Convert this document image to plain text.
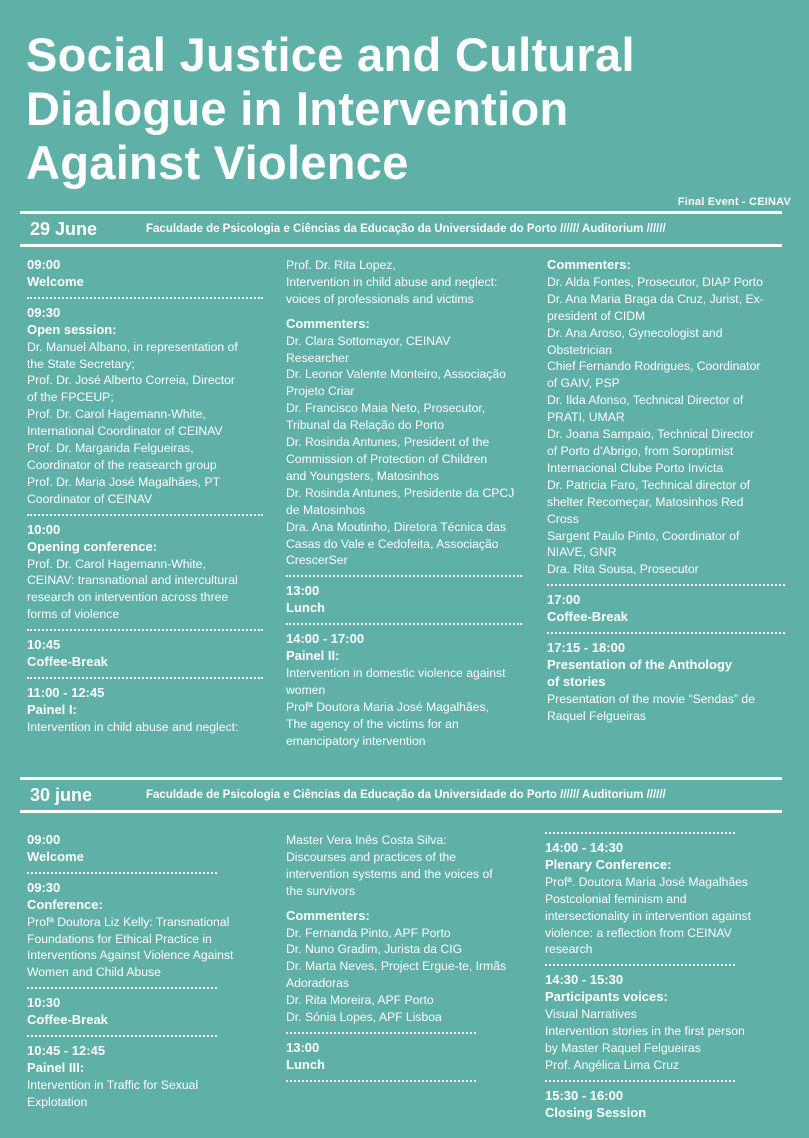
Social Justice and Cultural
Dialogue in Intervention
Against Violence
Final Event - CEINAV
29 June	Faculdade de Psicologia e Ciências da Educação da Universidade do Porto ////// Auditorium //////
09:00
Welcome
09:30
Open session:
Dr. Manuel Albano, in representation of
the State Secretary;
Prof. Dr. José Alberto Correia, Director
of the FPCEUP;
Prof. Dr. Carol Hagemann-White,
International Coordinator of CEINAV
Prof. Dr. Margarida Felgueiras,
Coordinator of the reasearch group
Prof. Dr. Maria José Magalhães, PT
Coordinator of CEINAV
10:00
Opening conference:
Prof. Dr. Carol Hagemann-White,
CEINAV: transnational and intercultural
research on intervention across three
forms of violence
10:45
Coffee-Break
11:00 - 12:45
Painel I:
Intervention in child abuse and neglect:
Prof. Dr. Rita Lopez,
Intervention in child abuse and neglect:
voices of professionals and victims
Commenters:
Dr. Clara Sottomayor, CEINAV
Researcher
Dr. Leonor Valente Monteiro, Associação
Projeto Criar
Dr. Francisco Maia Neto, Prosecutor,
Tribunal da Relação do Porto
Dr. Rosinda Antunes, President of the
Commission of Protection of Children
and Youngsters, Matosinhos
Dr. Rosinda Antunes, Presidente da CPCJ
de Matosinhos
Dra. Ana Moutinho, Diretora Técnica das
Casas do Vale e Cedofeita, Associação
CrescerSer
13:00
Lunch
14:00 - 17:00
Painel II:
Intervention in domestic violence against
women
Profª Doutora Maria José Magalhães,
The agency of the victims for an
emancipatory intervention
Commenters:
Dr. Alda Fontes, Prosecutor, DIAP Porto
Dr. Ana Maria Braga da Cruz, Jurist, Ex-
president of CIDM
Dr. Ana Aroso, Gynecologist and
Obstetrician
Chief Fernando Rodrigues, Coordinator
of GAIV, PSP
Dr. Ilda Afonso, Technical Director of
PRATI, UMAR
Dr. Joana Sampaio, Technical Director
of Porto d’Abrigo, from Soroptimist
Internacional Clube Porto Invicta
Dr. Patricia Faro, Technical director of
shelter Recomeçar, Matosinhos Red
Cross
Sargent Paulo Pinto, Coordinator of
NIAVE, GNR
Dra. Rita Sousa, Prosecutor
17:00
Coffee-Break
17:15 - 18:00
Presentation of the Anthology
of stories
Presentation of the movie “Sendas” de
Raquel Felgueiras
30 june	Faculdade de Psicologia e Ciências da Educação da Universidade do Porto ////// Auditorium //////
09:00
Welcome
09:30
Conference:
Profª Doutora Liz Kelly: Transnational
Foundations for Ethical Practice in
Interventions Against Violence Against
Women and Child Abuse
10:30
Coffee-Break
10:45 - 12:45
Painel III:
Intervention in Traffic for Sexual
Explotation
Master Vera Inês Costa Silva:
Discourses and practices of the
intervention systems and the voices of
the survivors
Commenters:
Dr. Fernanda Pinto, APF Porto
Dr. Nuno Gradim, Jurista da CIG
Dr. Marta Neves, Project Ergue-te, Irmãs
Adoradoras
Dr. Rita Moreira, APF Porto
Dr. Sónia Lopes, APF Lisboa
13:00
Lunch
14:00 - 14:30
Plenary Conference:
Profª. Doutora Maria José Magalhães
Postcolonial feminism and
intersectionality in intervention against
violence: a reflection from CEINAV
research
14:30 - 15:30
Participants voices:
Visual Narratives
Intervention stories in the first person
by Master Raquel Felgueiras
Prof. Angélica Lima Cruz
15:30 - 16:00
Closing Session
